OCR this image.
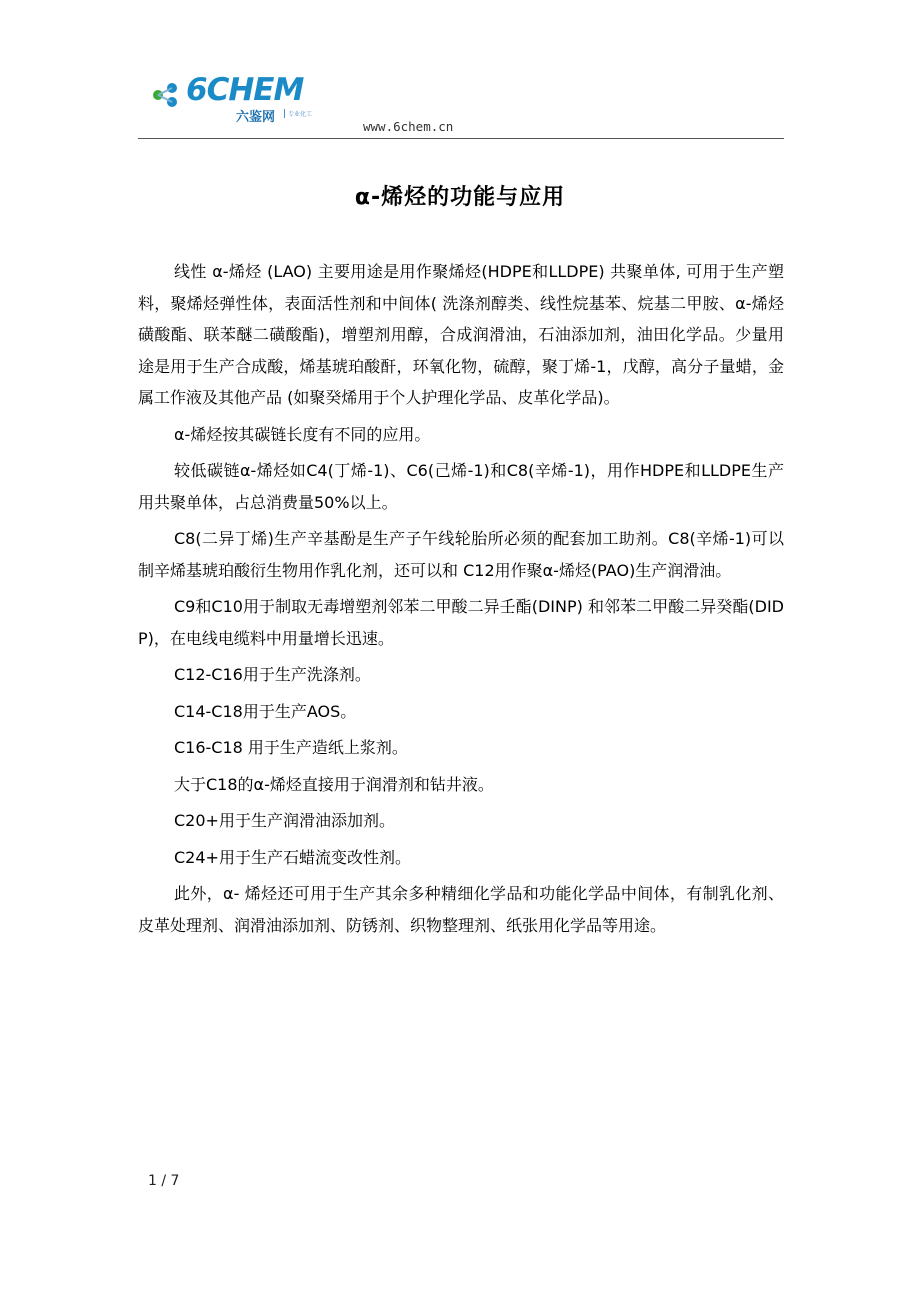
6CHEM
六鉴网	专业化工
www.6chem.cn
α-烯烃的功能与应用

线性 α-烯烃 (LAO) 主要用途是用作聚烯烃(HDPE和LLDPE) 共聚单体, 可用于生产塑料，聚烯烃弹性体，表面活性剂和中间体( 洗涤剂醇类、线性烷基苯、烷基二甲胺、α-烯烃磺酸酯、联苯醚二磺酸酯)，增塑剂用醇，合成润滑油，石油添加剂，油田化学品。少量用途是用于生产合成酸，烯基琥珀酸酐，环氧化物，硫醇，聚丁烯-1，戊醇，高分子量蜡，金属工作液及其他产品 (如聚癸烯用于个人护理化学品、皮革化学品)。

α-烯烃按其碳链长度有不同的应用。

较低碳链α-烯烃如C4(丁烯-1)、C6(己烯-1)和C8(辛烯-1)，用作HDPE和LLDPE生产用共聚单体，占总消费量50%以上。

C8(二异丁烯)生产辛基酚是生产子午线轮胎所必须的配套加工助剂。C8(辛烯-1)可以制辛烯基琥珀酸衍生物用作乳化剂，还可以和 C12用作聚α-烯烃(PAO)生产润滑油。

C9和C10用于制取无毒增塑剂邻苯二甲酸二异壬酯(DINP) 和邻苯二甲酸二异癸酯(DIDP)，在电线电缆料中用量增长迅速。

C12-C16用于生产洗涤剂。

C14-C18用于生产AOS。

C16-C18 用于生产造纸上浆剂。

大于C18的α-烯烃直接用于润滑剂和钻井液。

C20+用于生产润滑油添加剂。

C24+用于生产石蜡流变改性剂。

此外，α- 烯烃还可用于生产其余多种精细化学品和功能化学品中间体，有制乳化剂、皮革处理剂、润滑油添加剂、防锈剂、织物整理剂、纸张用化学品等用途。

1 / 7
